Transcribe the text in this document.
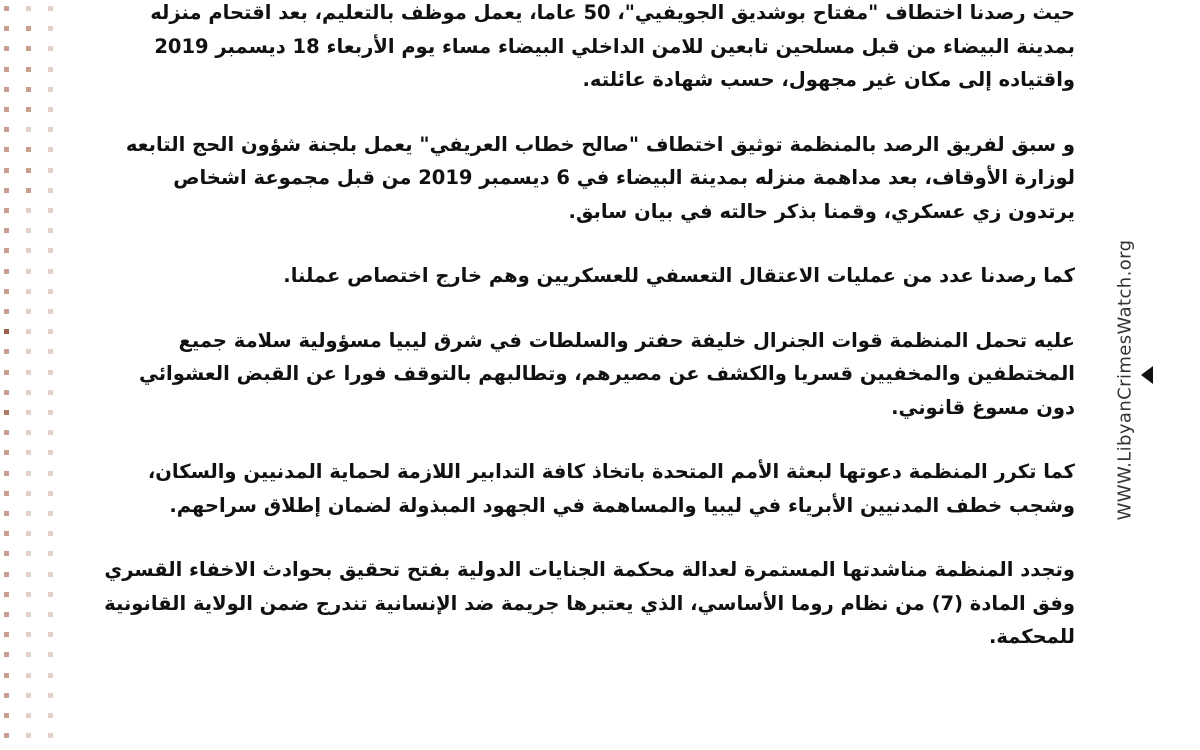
حيث رصدنا اختطاف "مفتاح بوشديق الجويفيي"، 50 عاما، يعمل موظف بالتعليم، بعد اقتحام منزله بمدينة البيضاء من قبل مسلحين تابعين للامن الداخلي البيضاء مساء يوم الأربعاء 18 ديسمبر 2019 واقتياده إلى مكان غير مجهول، حسب شهادة عائلته.

و سبق لفريق الرصد بالمنظمة توثيق اختطاف "صالح خطاب العريفي" يعمل بلجنة شؤون الحج التابعه لوزارة الأوقاف، بعد مداهمة منزله بمدينة البيضاء في 6 ديسمبر 2019 من قبل مجموعة اشخاص يرتدون زي عسكري، وقمنا بذكر حالته في بيان سابق.

كما رصدنا عدد من عمليات الاعتقال التعسفي للعسكريين وهم خارج اختصاص عملنا.

عليه تحمل المنظمة قوات الجنرال خليفة حفتر والسلطات في شرق ليبيا مسؤولية سلامة جميع المختطفين والمخفيين قسريا والكشف عن مصيرهم، وتطالبهم بالتوقف فورا عن القبض العشوائي دون مسوغ قانوني.

كما تكرر المنظمة دعوتها لبعثة الأمم المتحدة باتخاذ كافة التدابير اللازمة لحماية المدنيين والسكان، وشجب خطف المدنيين الأبرياء في ليبيا والمساهمة في الجهود المبذولة لضمان إطلاق سراحهم.

وتجدد المنظمة مناشدتها المستمرة لعدالة محكمة الجنايات الدولية بفتح تحقيق بحوادث الاخفاء القسري وفق المادة (7) من نظام روما الأساسي، الذي يعتبرها جريمة ضد الإنسانية تندرج ضمن الولاية القانونية للمحكمة.

WWW.LibyanCrimesWatch.org
